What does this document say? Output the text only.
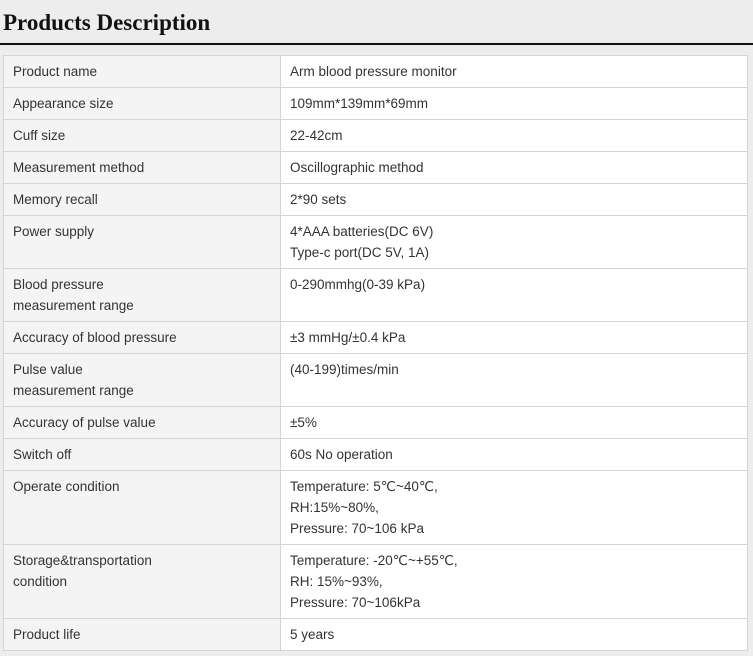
Products Description
Product name	Arm blood pressure monitor

Appearance size	109mm*139mm*69mm

Cuff size	22-42cm

Measurement method	Oscillographic method

Memory recall	2*90 sets

Power supply	4*AAA batteries(DC 6V)
Type-c port(DC 5V, 1A)

Blood pressure
measurement range	0-290mmhg(0-39 kPa)

Accuracy of blood pressure	±3 mmHg/±0.4 kPa

Pulse value
measurement range	(40-199)times/min

Accuracy of pulse value	±5%

Switch off	60s No operation

Operate condition	Temperature: 5℃~40℃,
RH:15%~80%,
Pressure: 70~106 kPa

Storage&transportation
condition	Temperature: -20℃~+55℃,
RH: 15%~93%,
Pressure: 70~106kPa

Product life	5 years
